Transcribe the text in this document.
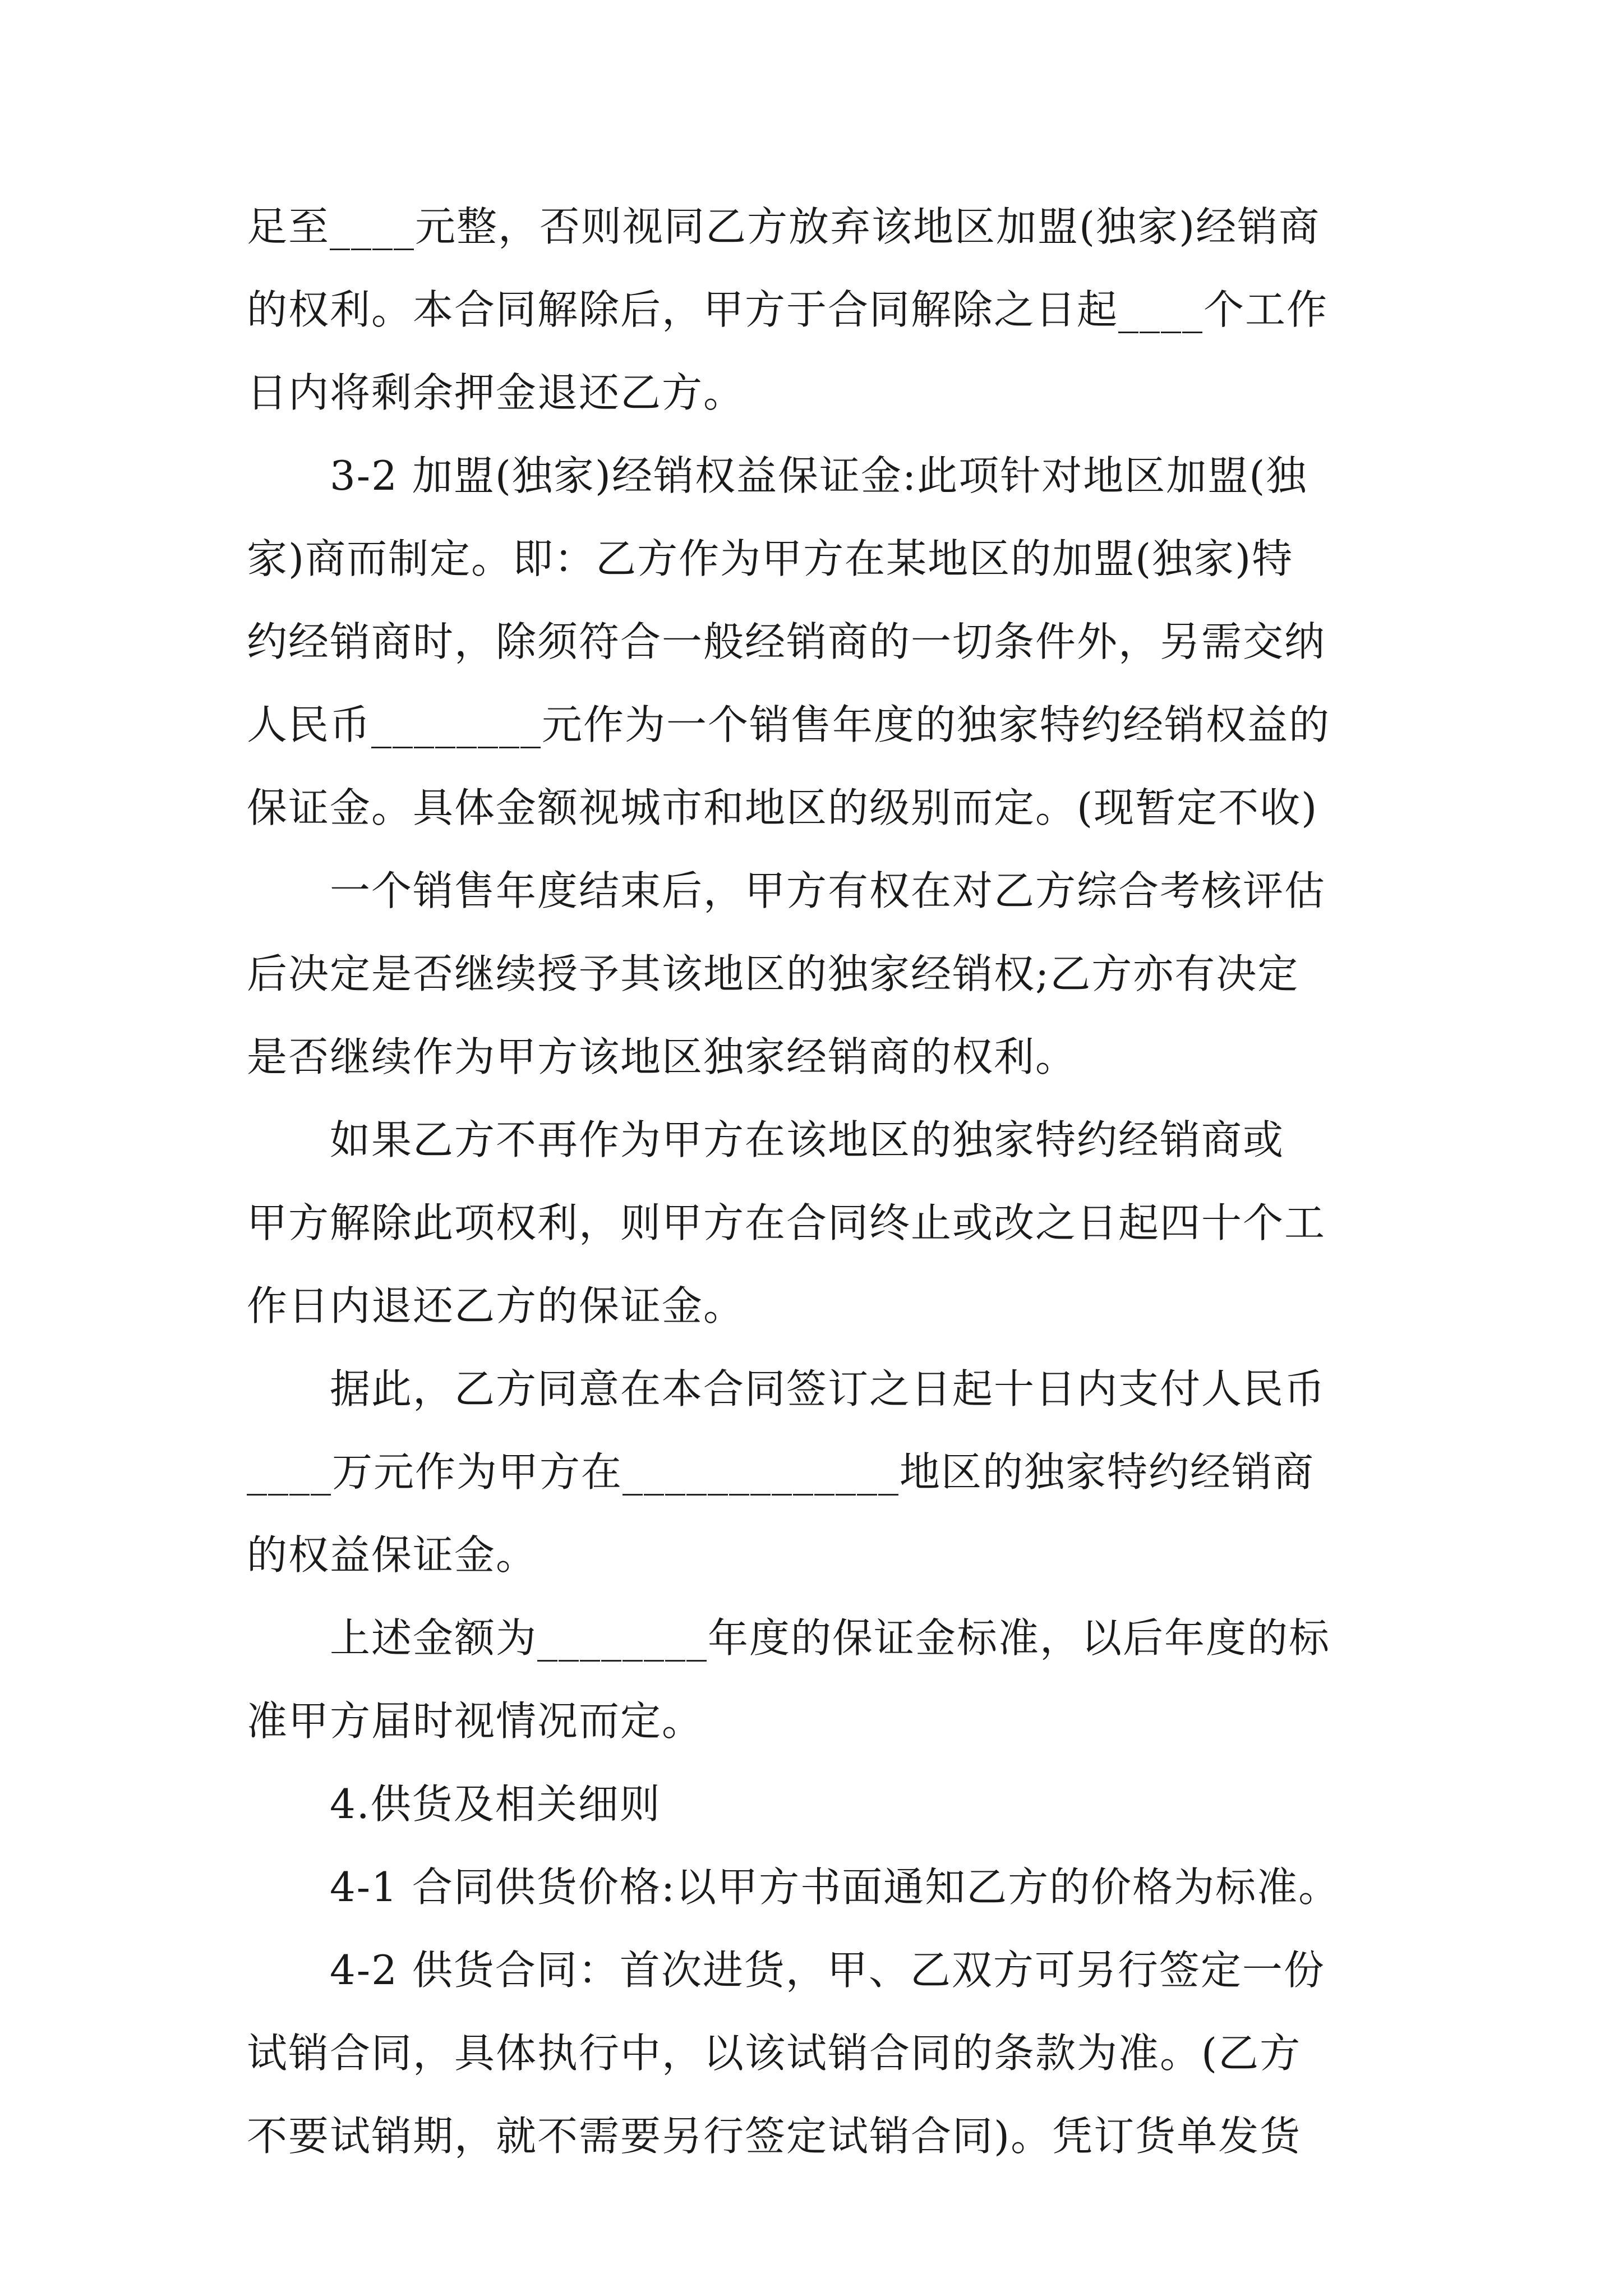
足至____元整，否则视同乙方放弃该地区加盟(独家)经销商
的权利。本合同解除后，甲方于合同解除之日起____个工作
日内将剩余押金退还乙方。
　　3-2 加盟(独家)经销权益保证金:此项针对地区加盟(独
家)商而制定。即：乙方作为甲方在某地区的加盟(独家)特
约经销商时，除须符合一般经销商的一切条件外，另需交纳
人民币________元作为一个销售年度的独家特约经销权益的
保证金。具体金额视城市和地区的级别而定。(现暂定不收)
　　一个销售年度结束后，甲方有权在对乙方综合考核评估
后决定是否继续授予其该地区的独家经销权;乙方亦有决定
是否继续作为甲方该地区独家经销商的权利。
　　如果乙方不再作为甲方在该地区的独家特约经销商或
甲方解除此项权利，则甲方在合同终止或改之日起四十个工
作日内退还乙方的保证金。
　　据此，乙方同意在本合同签订之日起十日内支付人民币
____万元作为甲方在_____________地区的独家特约经销商
的权益保证金。
　　上述金额为________年度的保证金标准，以后年度的标
准甲方届时视情况而定。
　　4.供货及相关细则
　　4-1 合同供货价格:以甲方书面通知乙方的价格为标准。
　　4-2 供货合同：首次进货，甲、乙双方可另行签定一份
试销合同，具体执行中，以该试销合同的条款为准。(乙方
不要试销期，就不需要另行签定试销合同)。凭订货单发货
